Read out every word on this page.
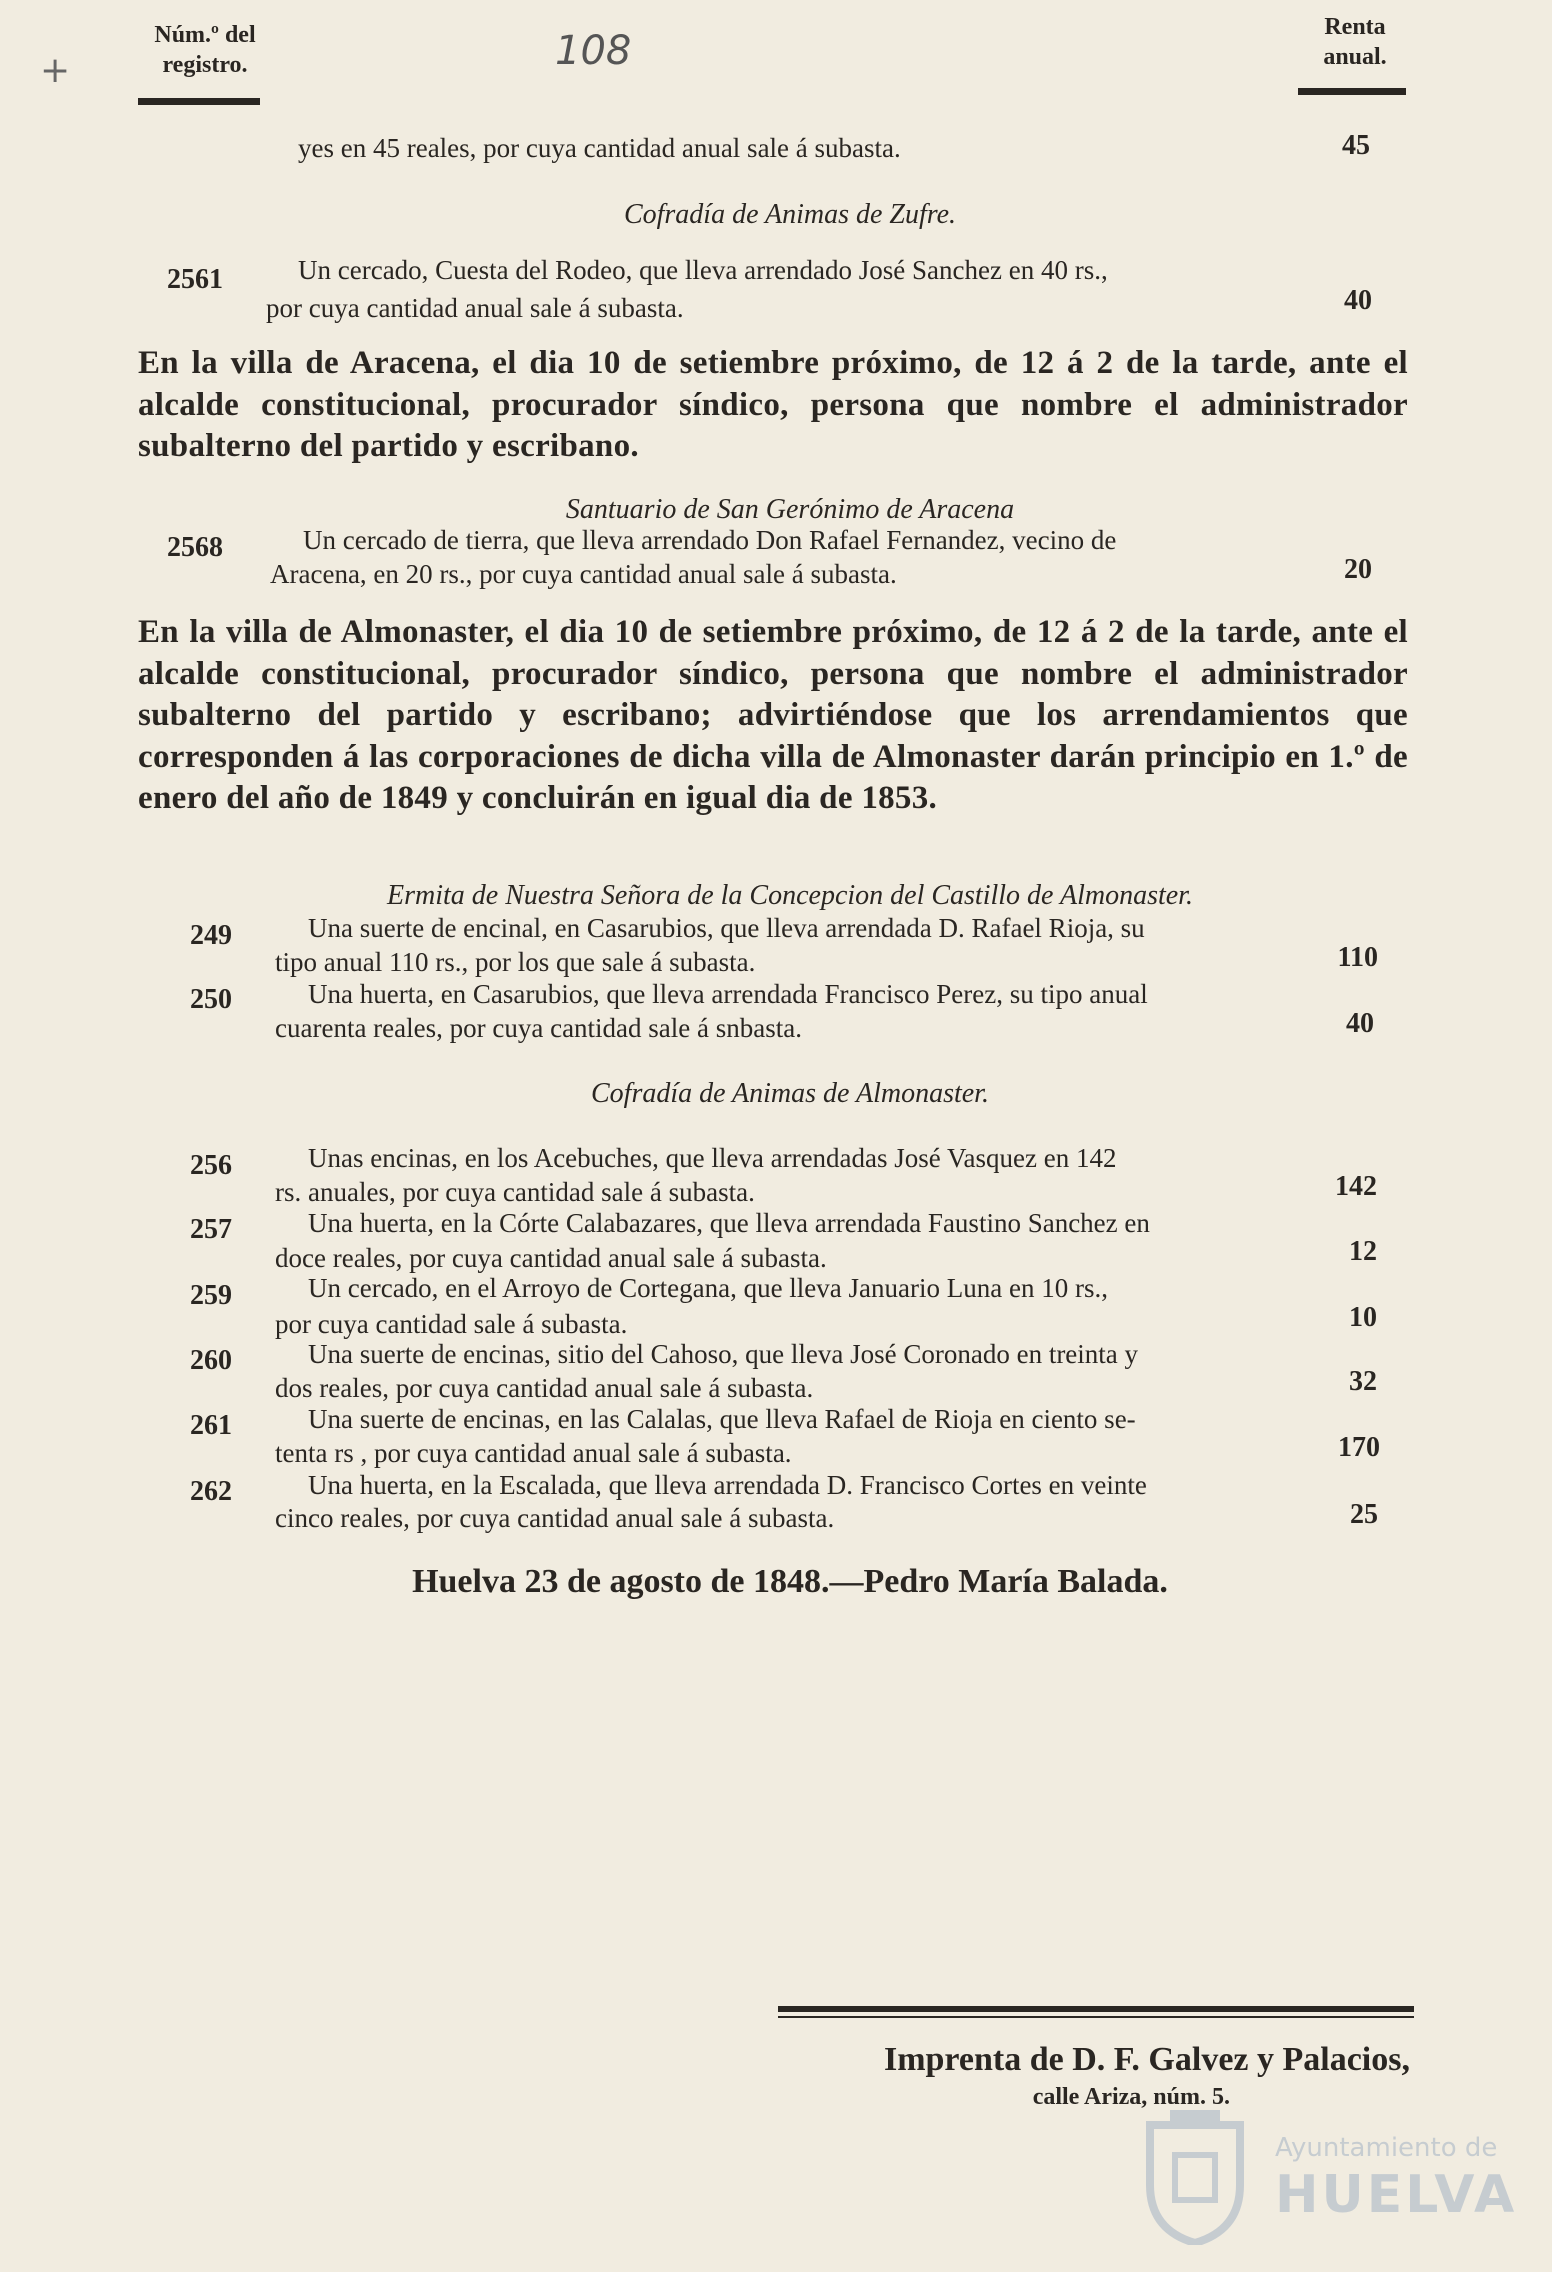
Núm.º del
registro.
Renta
anual.
108
+
yes en 45 reales, por cuya cantidad anual sale á subasta.	45
Cofradía de Animas de Zufre.
2561	Un cercado, Cuesta del Rodeo, que lleva arrendado José Sanchez en 40 rs.,
por cuya cantidad anual sale á subasta.	40
En la villa de Aracena, el dia 10 de setiembre próximo, de 12 á 2 de la tarde, ante el alcalde constitucional, procurador síndico, persona que nombre el administrador subalterno del partido y escribano.
Santuario de San Gerónimo de Aracena
2568	Un cercado de tierra, que lleva arrendado Don Rafael Fernandez, vecino de
Aracena, en 20 rs., por cuya cantidad anual sale á subasta.	20
En la villa de Almonaster, el dia 10 de setiembre próximo, de 12 á 2 de la tarde, ante el alcalde constitucional, procurador síndico, persona que nombre el administrador subalterno del partido y escribano; advirtiéndose que los arrendamientos que corresponden á las corporaciones de dicha villa de Almonaster darán principio en 1.º de enero del año de 1849 y concluirán en igual dia de 1853.
Ermita de Nuestra Señora de la Concepcion del Castillo de Almonaster.
249	Una suerte de encinal, en Casarubios, que lleva arrendada D. Rafael Rioja, su
tipo anual 110 rs., por los que sale á subasta.	110
250	Una huerta, en Casarubios, que lleva arrendada Francisco Perez, su tipo anual
cuarenta reales, por cuya cantidad sale á snbasta.	40
Cofradía de Animas de Almonaster.
256	Unas encinas, en los Acebuches, que lleva arrendadas José Vasquez en 142
rs. anuales, por cuya cantidad sale á subasta.	142
257	Una huerta, en la Córte Calabazares, que lleva arrendada Faustino Sanchez en
doce reales, por cuya cantidad anual sale á subasta.	12
259	Un cercado, en el Arroyo de Cortegana, que lleva Januario Luna en 10 rs.,
por cuya cantidad sale á subasta.	10
260	Una suerte de encinas, sitio del Cahoso, que lleva José Coronado en treinta y
dos reales, por cuya cantidad anual sale á subasta.	32
261	Una suerte de encinas, en las Calalas, que lleva Rafael de Rioja en ciento se-
tenta rs , por cuya cantidad anual sale á subasta.	170
262	Una huerta, en la Escalada, que lleva arrendada D. Francisco Cortes en veinte
cinco reales, por cuya cantidad anual sale á subasta.	25
Huelva 23 de agosto de 1848.—Pedro María Balada.
Imprenta de D. F. Galvez y Palacios,
calle Ariza, núm. 5.
Ayuntamiento de
HUELVA
